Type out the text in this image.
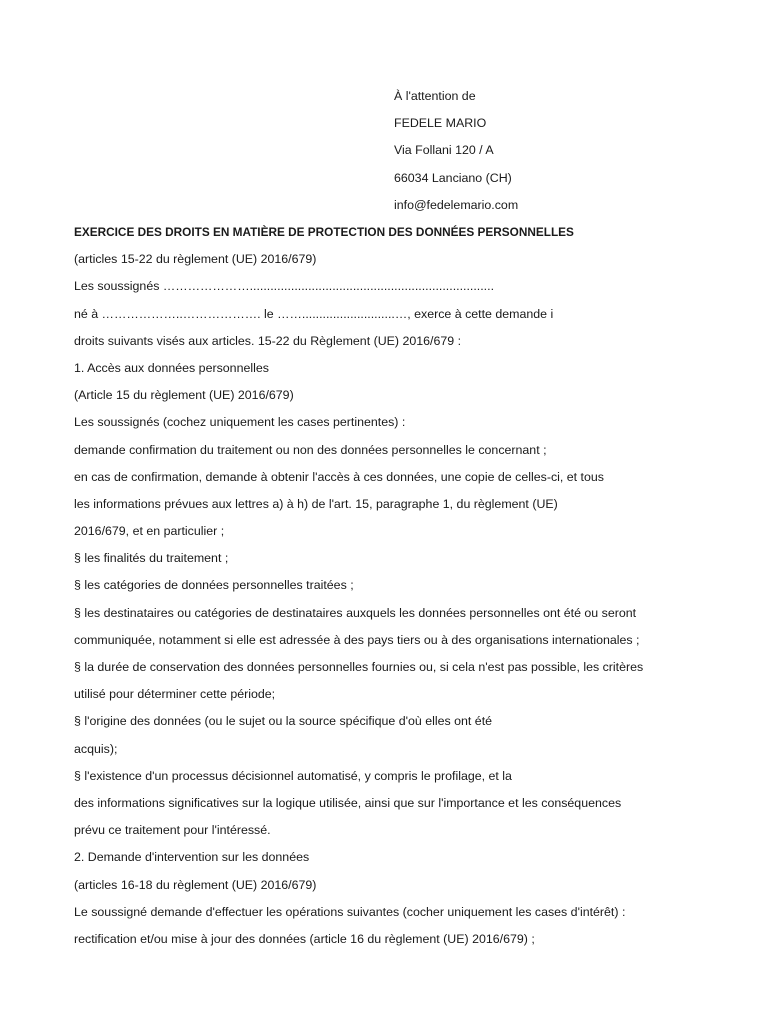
À l'attention de
FEDELE MARIO
Via Follani 120 / A
66034 Lanciano (CH)
info@fedelemario.com
EXERCICE DES DROITS EN MATIÈRE DE PROTECTION DES DONNÉES PERSONNELLES
(articles 15-22 du règlement (UE) 2016/679)
Les soussignés ………………….......................................................................
né à ………………..………………. le ……...........................…, exerce à cette demande i
droits suivants visés aux articles. 15-22 du Règlement (UE) 2016/679 :
1. Accès aux données personnelles
(Article 15 du règlement (UE) 2016/679)
Les soussignés (cochez uniquement les cases pertinentes) :
demande confirmation du traitement ou non des données personnelles le concernant ;
en cas de confirmation, demande à obtenir l'accès à ces données, une copie de celles-ci, et tous
les informations prévues aux lettres a) à h) de l'art. 15, paragraphe 1, du règlement (UE)
2016/679, et en particulier ;
§ les finalités du traitement ;
§ les catégories de données personnelles traitées ;
§ les destinataires ou catégories de destinataires auxquels les données personnelles ont été ou seront
communiquée, notamment si elle est adressée à des pays tiers ou à des organisations internationales ;
§ la durée de conservation des données personnelles fournies ou, si cela n'est pas possible, les critères
utilisé pour déterminer cette période;
§ l'origine des données (ou le sujet ou la source spécifique d'où elles ont été
acquis);
§ l'existence d'un processus décisionnel automatisé, y compris le profilage, et la
des informations significatives sur la logique utilisée, ainsi que sur l'importance et les conséquences
prévu ce traitement pour l'intéressé.
2. Demande d'intervention sur les données
(articles 16-18 du règlement (UE) 2016/679)
Le soussigné demande d'effectuer les opérations suivantes (cocher uniquement les cases d'intérêt) :
rectification et/ou mise à jour des données (article 16 du règlement (UE) 2016/679) ;
